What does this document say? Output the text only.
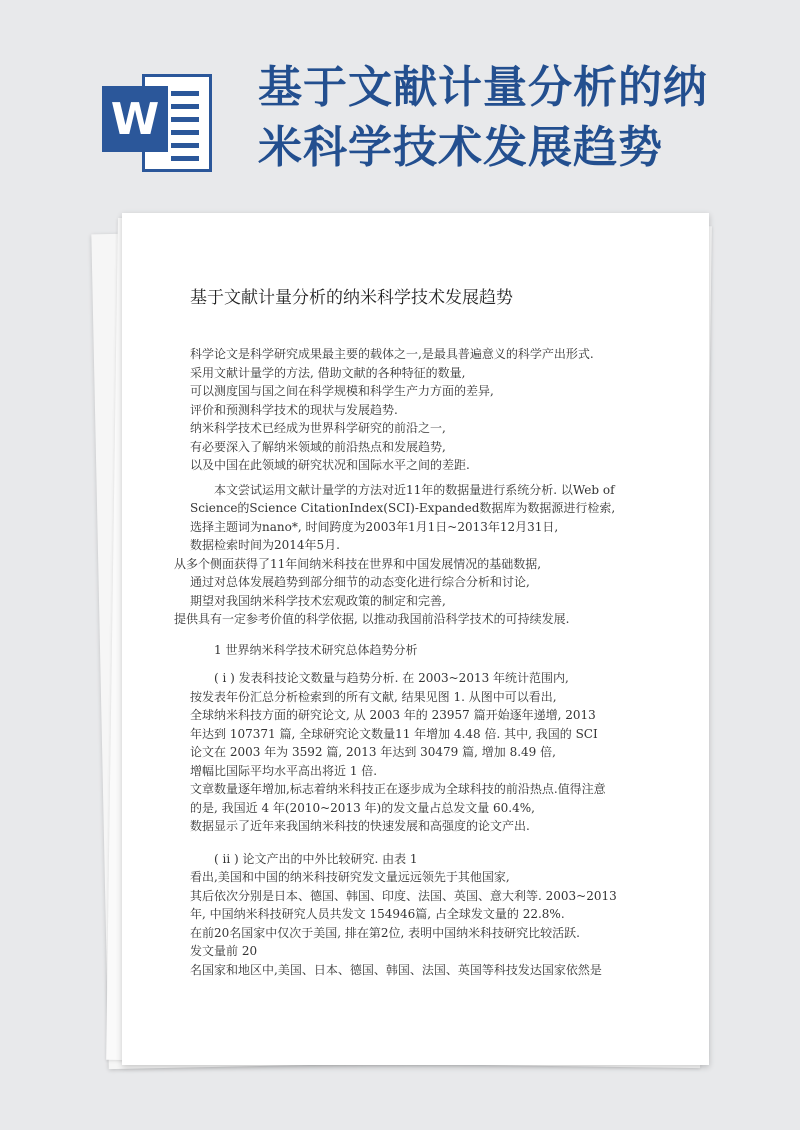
W
基于文献计量分析的纳
米科学技术发展趋势
基于文献计量分析的纳米科学技术发展趋势
科学论文是科学研究成果最主要的载体之一,是最具普遍意义的科学产出形式.
采用文献计量学的方法, 借助文献的各种特征的数量,
可以测度国与国之间在科学规模和科学生产力方面的差异,
评价和预测科学技术的现状与发展趋势.
纳米科学技术已经成为世界科学研究的前沿之一,
有必要深入了解纳米领域的前沿热点和发展趋势,
以及中国在此领域的研究状况和国际水平之间的差距.
本文尝试运用文献计量学的方法对近11年的数据量进行系统分析. 以Web of
Science的Science CitationIndex(SCI)-Expanded数据库为数据源进行检索,
选择主题词为nano*, 时间跨度为2003年1月1日~2013年12月31日,
数据检索时间为2014年5月.
从多个侧面获得了11年间纳米科技在世界和中国发展情况的基础数据,
通过对总体发展趋势到部分细节的动态变化进行综合分析和讨论,
期望对我国纳米科学技术宏观政策的制定和完善,
提供具有一定参考价值的科学依据, 以推动我国前沿科学技术的可持续发展.
1 世界纳米科学技术研究总体趋势分析
( i ) 发表科技论文数量与趋势分析. 在 2003~2013 年统计范围内,
按发表年份汇总分析检索到的所有文献, 结果见图 1. 从图中可以看出,
全球纳米科技方面的研究论文, 从 2003 年的 23957 篇开始逐年递增, 2013
年达到 107371 篇, 全球研究论文数量11 年增加 4.48 倍. 其中, 我国的 SCI
论文在 2003 年为 3592 篇, 2013 年达到 30479 篇, 增加 8.49 倍,
增幅比国际平均水平高出将近 1 倍.
文章数量逐年增加,标志着纳米科技正在逐步成为全球科技的前沿热点.值得注意
的是, 我国近 4 年(2010~2013 年)的发文量占总发文量 60.4%,
数据显示了近年来我国纳米科技的快速发展和高强度的论文产出.
( ii ) 论文产出的中外比较研究. 由表 1
看出,美国和中国的纳米科技研究发文量远远领先于其他国家,
其后依次分别是日本、德国、韩国、印度、法国、英国、意大利等. 2003~2013
年, 中国纳米科技研究人员共发文 154946篇, 占全球发文量的 22.8%.
在前20名国家中仅次于美国, 排在第2位, 表明中国纳米科技研究比较活跃.
发文量前 20
名国家和地区中,美国、日本、德国、韩国、法国、英国等科技发达国家依然是
